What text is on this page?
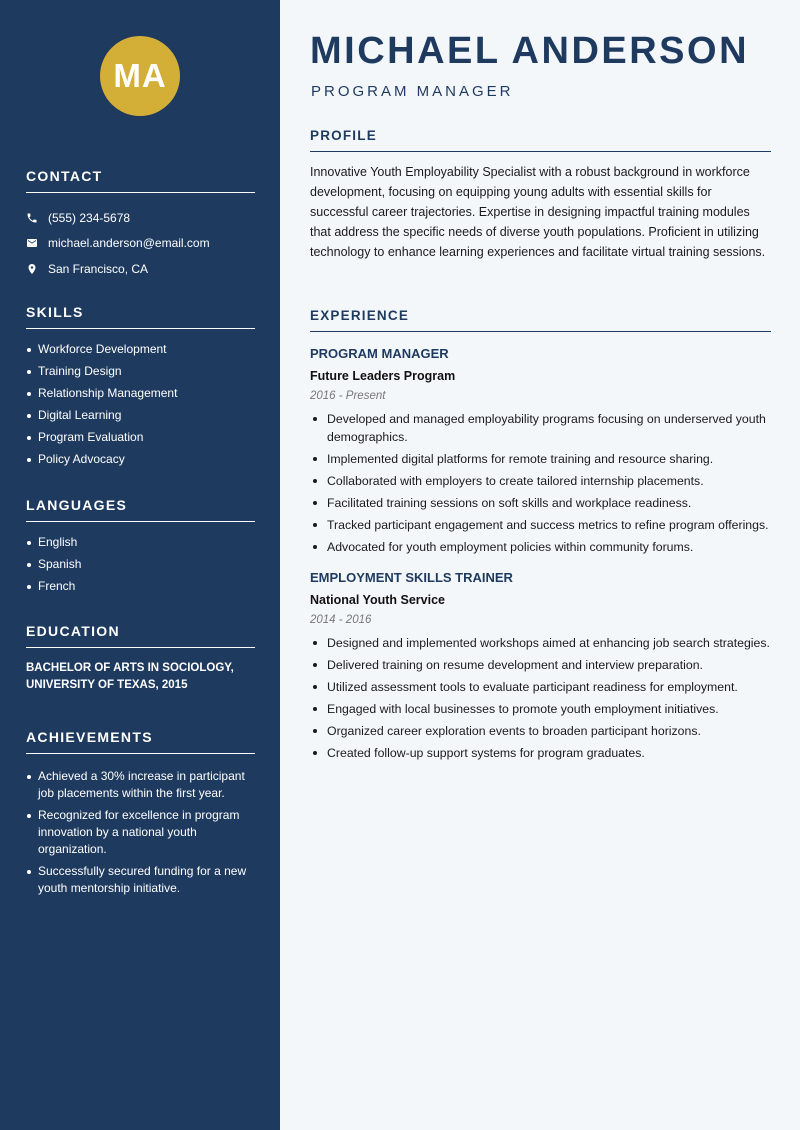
MA
CONTACT
(555) 234-5678
michael.anderson@email.com
San Francisco, CA
SKILLS
Workforce Development
Training Design
Relationship Management
Digital Learning
Program Evaluation
Policy Advocacy
LANGUAGES
English
Spanish
French
EDUCATION
BACHELOR OF ARTS IN SOCIOLOGY, UNIVERSITY OF TEXAS, 2015
ACHIEVEMENTS
Achieved a 30% increase in participant job placements within the first year.
Recognized for excellence in program innovation by a national youth organization.
Successfully secured funding for a new youth mentorship initiative.
MICHAEL ANDERSON
PROGRAM MANAGER
PROFILE
Innovative Youth Employability Specialist with a robust background in workforce development, focusing on equipping young adults with essential skills for successful career trajectories. Expertise in designing impactful training modules that address the specific needs of diverse youth populations. Proficient in utilizing technology to enhance learning experiences and facilitate virtual training sessions.
EXPERIENCE
PROGRAM MANAGER
Future Leaders Program
2016 - Present
Developed and managed employability programs focusing on underserved youth demographics.
Implemented digital platforms for remote training and resource sharing.
Collaborated with employers to create tailored internship placements.
Facilitated training sessions on soft skills and workplace readiness.
Tracked participant engagement and success metrics to refine program offerings.
Advocated for youth employment policies within community forums.
EMPLOYMENT SKILLS TRAINER
National Youth Service
2014 - 2016
Designed and implemented workshops aimed at enhancing job search strategies.
Delivered training on resume development and interview preparation.
Utilized assessment tools to evaluate participant readiness for employment.
Engaged with local businesses to promote youth employment initiatives.
Organized career exploration events to broaden participant horizons.
Created follow-up support systems for program graduates.
